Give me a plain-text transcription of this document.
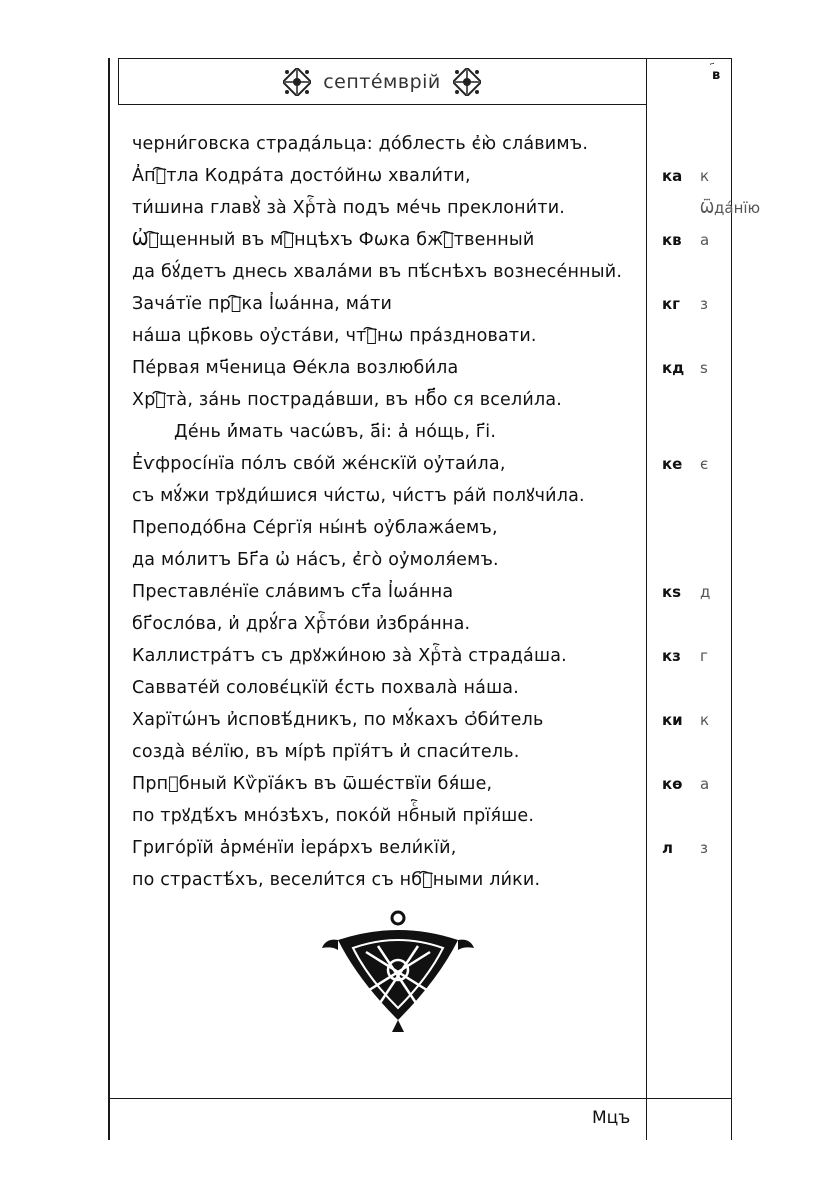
септе́мврій	в
черни́говска страда́льца: до́блесть є҆ю̀ сла́вимъ.
А҆пⷭ҇тла Кодра́та досто́йнѡ хвали́ти,
ти́шина главꙋ̀ за̀ Хрⷭ҇та̀ подъ ме́чь преклони́ти.
Ѡ҆ⷭ҇щенный въ мⷱ҇нцѣхъ Фѡка бжⷭ҇твенный
да бꙋ́детъ днесь хвала́ми въ пѣ́снѣхъ вознесе́нный.
Зача́тїе прⷪ҇ка І҆ѡа́нна, ма́ти
на́ша цр҃ковь оу҆ста́ви, чтⷭ҇нѡ пра́здновати.
Пе́рвая мч҃еница Ѳе́кла возлюби́ла
Хрⷭ҇та̀, за́нь пострада́вши, въ нб҃о ся всели́ла.
Де́нь и҆́мать часѡ́въ, а҃і: а҆ но́щь, г҃і.
Е҆ѵфросі́нїа по́лъ сво́й же́нскїй оу҆таи́ла,
съ мꙋ́жи трꙋди́шися чи́стѡ, чи́стъ ра́й полꙋчи́ла.
Преподо́бна Се́ргїя ны́нѣ оу҆блажа́емъ,
да мо́литъ Бг҃а ѡ҆ на́съ, є҆го̀ оу҆моля́емъ.
Преставле́нїе сла́вимъ ст҃а І҆ѡа́нна
бг҃осло́ва, и҆ дрꙋ́га Хрⷭ҇то́ви и҆збра́нна.
Каллистра́тъ съ дрꙋжи́ною за̀ Хрⷭ҇та̀ страда́ша.
Саввате́й соловє́цкїй є҆́сть похвала̀ на́ша.
Харїтѡ́нъ и҆сповѣ́дникъ, по мꙋ́кахъ ѻ҆би́тель
созда̀ ве́лїю, въ мі́рѣ прїя́тъ и҆ спаси́тель.
Прпⷣбный Кѷрїа́къ въ ѿше́ствїи бя́ше,
по трꙋдѣ́хъ мно́зѣхъ, поко́й нбⷭ҇ный прїя́ше.
Григо́рїй а҆рме́нїи і҆ера́рхъ вели́кїй,
по страстѣ́хъ, весели́тся съ нбⷭ҇ными ли́ки.
ка к
Ѿда́нїю
кв а
кг з
кд ѕ
ке є
кѕ д
кз г
ки к
кѳ а
л з
Мцъ
